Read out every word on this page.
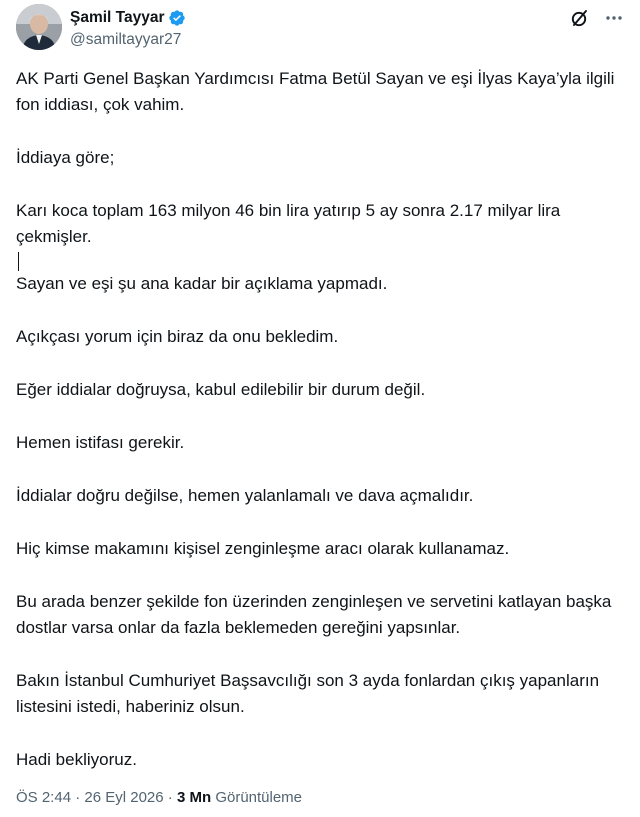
Şamil Tayyar
@samiltayyar27

AK Parti Genel Başkan Yardımcısı Fatma Betül Sayan ve eşi İlyas Kaya’yla ilgili fon iddiası, çok vahim.

İddiaya göre;

Karı koca toplam 163 milyon 46 bin lira yatırıp 5 ay sonra 2.17 milyar lira çekmişler.

Sayan ve eşi şu ana kadar bir açıklama yapmadı.

Açıkçası yorum için biraz da onu bekledim.

Eğer iddialar doğruysa, kabul edilebilir bir durum değil.

Hemen istifası gerekir.

İddialar doğru değilse, hemen yalanlamalı ve dava açmalıdır.

Hiç kimse makamını kişisel zenginleşme aracı olarak kullanamaz.

Bu arada benzer şekilde fon üzerinden zenginleşen ve servetini katlayan başka dostlar varsa onlar da fazla beklemeden gereğini yapsınlar.

Bakın İstanbul Cumhuriyet Başsavcılığı son 3 ayda fonlardan çıkış yapanların listesini istedi, haberiniz olsun.

Hadi bekliyoruz.

ÖS 2:44 · 26 Eyl 2026 · 3 Mn Görüntüleme
